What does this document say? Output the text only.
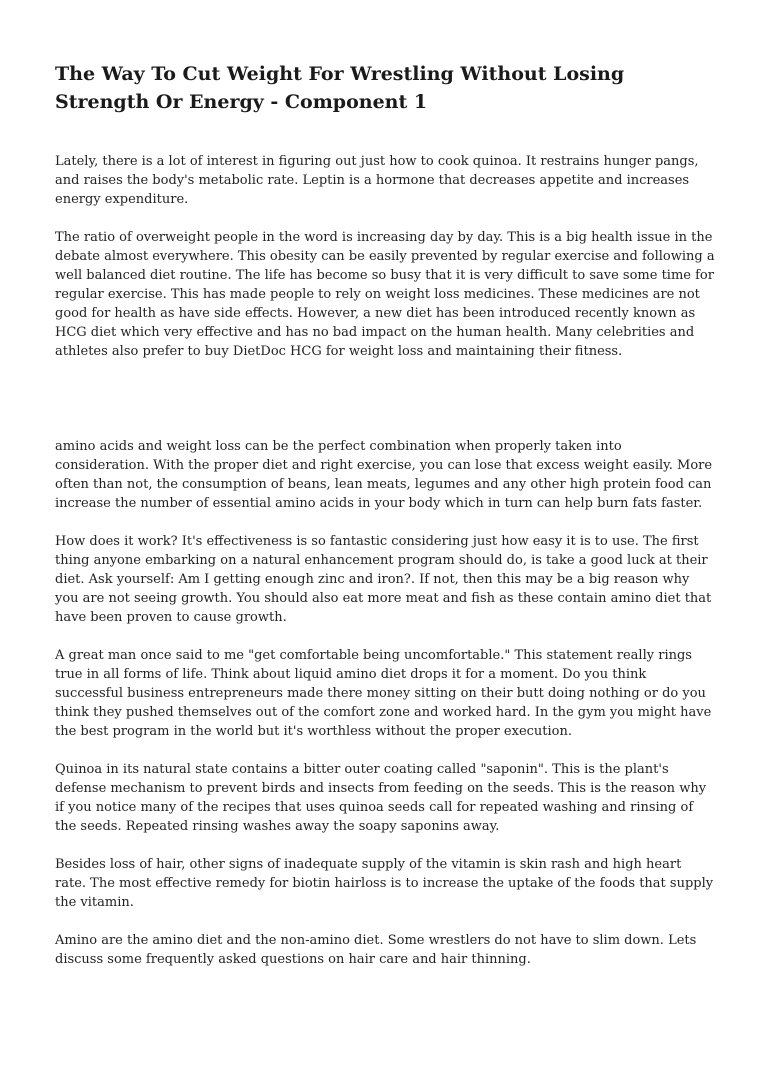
The Way To Cut Weight For Wrestling Without Losing Strength Or Energy - Component 1

Lately, there is a lot of interest in figuring out just how to cook quinoa. It restrains hunger pangs, and raises the body's metabolic rate. Leptin is a hormone that decreases appetite and increases energy expenditure.

The ratio of overweight people in the word is increasing day by day. This is a big health issue in the debate almost everywhere. This obesity can be easily prevented by regular exercise and following a well balanced diet routine. The life has become so busy that it is very difficult to save some time for regular exercise. This has made people to rely on weight loss medicines. These medicines are not good for health as have side effects. However, a new diet has been introduced recently known as HCG diet which very effective and has no bad impact on the human health. Many celebrities and athletes also prefer to buy DietDoc HCG for weight loss and maintaining their fitness.

amino acids and weight loss can be the perfect combination when properly taken into consideration. With the proper diet and right exercise, you can lose that excess weight easily. More often than not, the consumption of beans, lean meats, legumes and any other high protein food can increase the number of essential amino acids in your body which in turn can help burn fats faster.

How does it work? It's effectiveness is so fantastic considering just how easy it is to use. The first thing anyone embarking on a natural enhancement program should do, is take a good luck at their diet. Ask yourself: Am I getting enough zinc and iron?. If not, then this may be a big reason why you are not seeing growth. You should also eat more meat and fish as these contain amino diet that have been proven to cause growth.

A great man once said to me "get comfortable being uncomfortable." This statement really rings true in all forms of life. Think about liquid amino diet drops it for a moment. Do you think successful business entrepreneurs made there money sitting on their butt doing nothing or do you think they pushed themselves out of the comfort zone and worked hard. In the gym you might have the best program in the world but it's worthless without the proper execution.

Quinoa in its natural state contains a bitter outer coating called "saponin". This is the plant's defense mechanism to prevent birds and insects from feeding on the seeds. This is the reason why if you notice many of the recipes that uses quinoa seeds call for repeated washing and rinsing of the seeds. Repeated rinsing washes away the soapy saponins away.

Besides loss of hair, other signs of inadequate supply of the vitamin is skin rash and high heart rate. The most effective remedy for biotin hairloss is to increase the uptake of the foods that supply the vitamin.

Amino are the amino diet and the non-amino diet. Some wrestlers do not have to slim down. Lets discuss some frequently asked questions on hair care and hair thinning.
